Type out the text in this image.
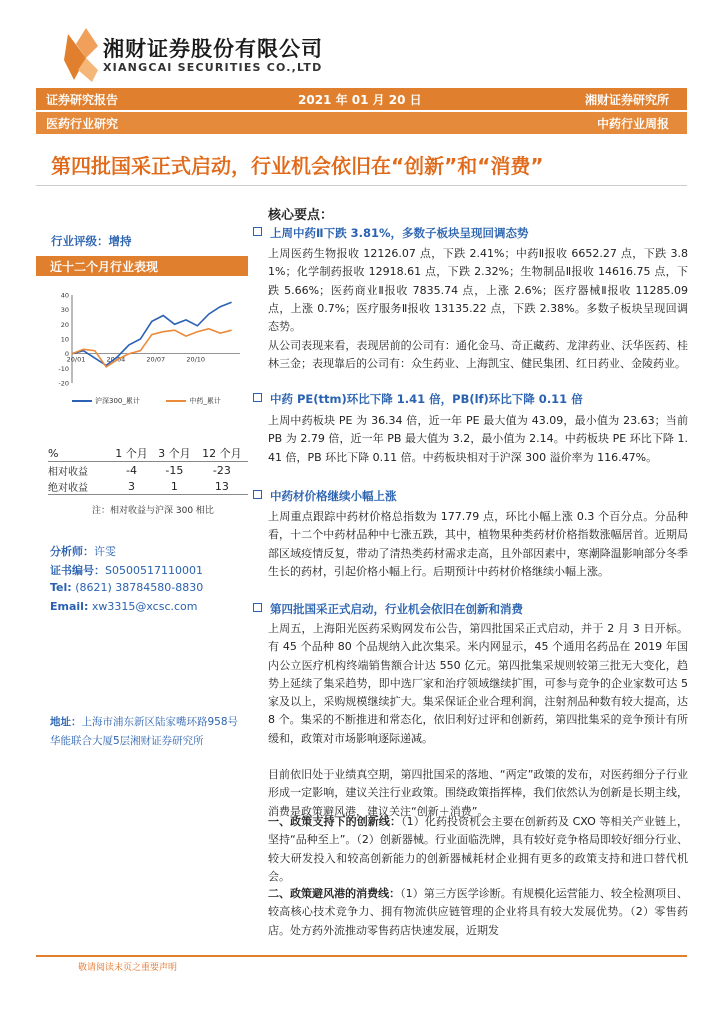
湘财证券股份有限公司
XIANGCAI SECURITIES CO.,LTD
证券研究报告	2021 年 01 月 20 日	湘财证券研究所
医药行业研究	中药行业周报
第四批国采正式启动，行业机会依旧在“创新”和“消费”
行业评级：增持
近十二个月行业表现
40
30
20
10
0
-10
-20
20/01	20/04	20/07	20/10
沪深300_累计	中药_累计
%	1 个月	3 个月	12 个月
相对收益	-4	-15	-23
绝对收益	3	1	13
注：相对收益与沪深 300 相比
分析师：许雯
证书编号：S0500517110001
Tel: (8621) 38784580-8830
Email: xw3315@xcsc.com
地址：上海市浦东新区陆家嘴环路958号华能联合大厦5层湘财证券研究所
核心要点：
上周中药Ⅱ下跌 3.81%，多数子板块呈现回调态势
上周医药生物报收 12126.07 点，下跌 2.41%；中药Ⅱ报收 6652.27 点，下跌 3.81%；化学制药报收 12918.61 点，下跌 2.32%；生物制品Ⅱ报收 14616.75 点，下跌 5.66%；医药商业Ⅱ报收 7835.74 点，上涨 2.6%；医疗器械Ⅱ报收 11285.09 点，上涨 0.7%；医疗服务Ⅱ报收 13135.22 点，下跌 2.38%。多数子板块呈现回调态势。
从公司表现来看，表现居前的公司有：通化金马、奇正藏药、龙津药业、沃华医药、桂林三金；表现靠后的公司有：众生药业、上海凯宝、健民集团、红日药业、金陵药业。
中药 PE(ttm)环比下降 1.41 倍，PB(lf)环比下降 0.11 倍
上周中药板块 PE 为 36.34 倍，近一年 PE 最大值为 43.09，最小值为 23.63；当前 PB 为 2.79 倍，近一年 PB 最大值为 3.2，最小值为 2.14。中药板块 PE 环比下降 1.41 倍，PB 环比下降 0.11 倍。中药板块相对于沪深 300 溢价率为 116.47%。
中药材价格继续小幅上涨
上周重点跟踪中药材价格总指数为 177.79 点，环比小幅上涨 0.3 个百分点。分品种看，十二个中药材品种中七涨五跌，其中，植物果种类药材价格指数涨幅居首。近期局部区域疫情反复，带动了清热类药材需求走高，且外部因素中，寒潮降温影响部分冬季生长的药材，引起价格小幅上行。后期预计中药材价格继续小幅上涨。
第四批国采正式启动，行业机会依旧在创新和消费
上周五，上海阳光医药采购网发布公告，第四批国采正式启动，并于 2 月 3 日开标。有 45 个品种 80 个品规纳入此次集采。米内网显示，45 个通用名药品在 2019 年国内公立医疗机构终端销售额合计达 550 亿元。第四批集采规则较第三批无大变化，趋势上延续了集采趋势，即中选厂家和治疗领域继续扩围，可参与竞争的企业家数可达 5 家及以上，采购规模继续扩大。集采保证企业合理利润，注射剂品种数有较大提高，达 8 个。集采的不断推进和常态化，依旧利好过评和创新药，第四批集采的竞争预计有所缓和，政策对市场影响逐际递减。
目前依旧处于业绩真空期，第四批国采的落地、“两定”政策的发布，对医药细分子行业形成一定影响，建议关注行业政策。围绕政策指挥棒，我们依然认为创新是长期主线，消费是政策避风港，建议关注“创新＋消费”。
一、政策支持下的创新线：（1）化药投资机会主要在创新药及 CXO 等相关产业链上，坚持“品种至上”。（2）创新器械。行业面临洗牌，具有较好竞争格局即较好细分行业、较大研发投入和较高创新能力的创新器械耗材企业拥有更多的政策支持和进口替代机会。
二、政策避风港的消费线：（1）第三方医学诊断。有规模化运营能力、较全检测项目、较高核心技术竞争力、拥有物流供应链管理的企业将具有较大发展优势。（2）零售药店。处方药外流推动零售药店快速发展，近期发
敬请阅读末页之重要声明
